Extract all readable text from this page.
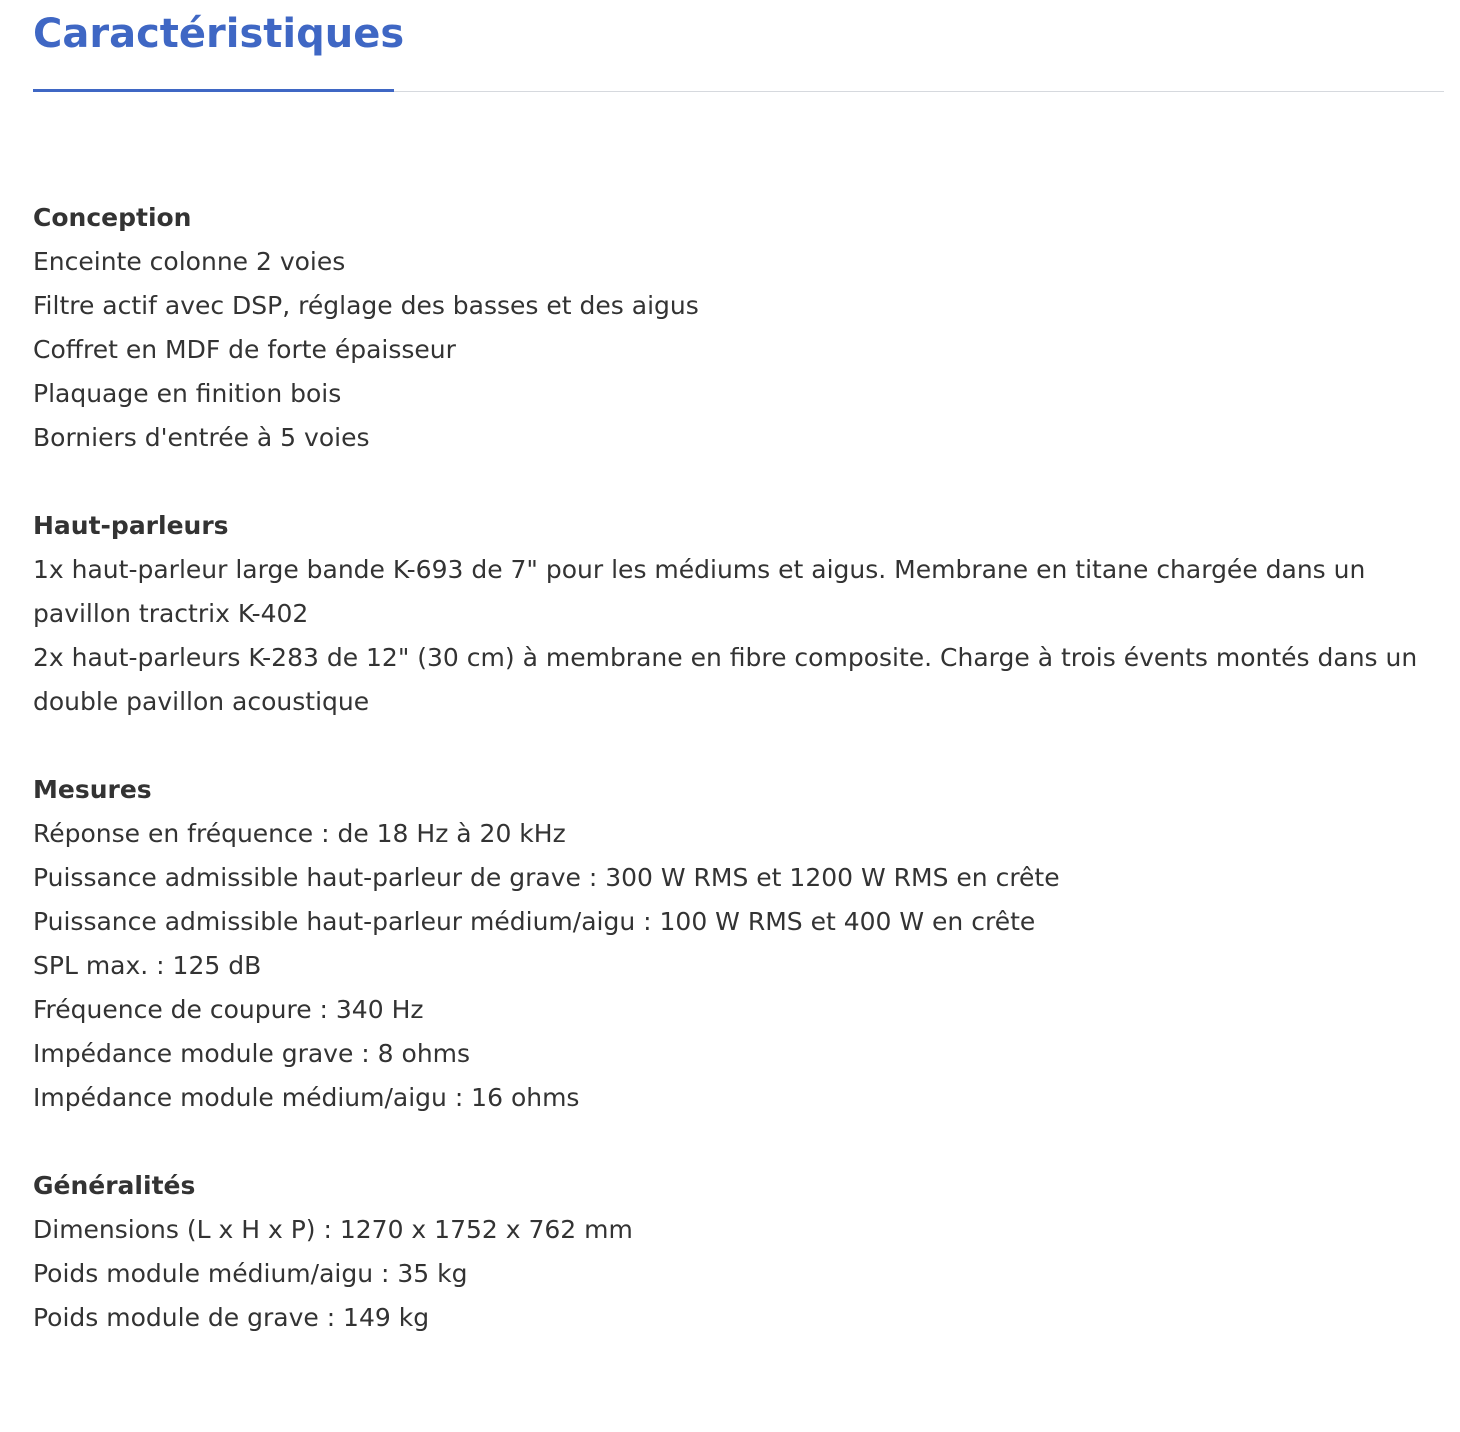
Caractéristiques

Conception

Enceinte colonne 2 voies

Filtre actif avec DSP, réglage des basses et des aigus

Coffret en MDF de forte épaisseur

Plaquage en finition bois

Borniers d'entrée à 5 voies

Haut-parleurs

1x haut-parleur large bande K-693 de 7" pour les médiums et aigus. Membrane en titane chargée dans un pavillon tractrix K-402

2x haut-parleurs K-283 de 12" (30 cm) à membrane en fibre composite. Charge à trois évents montés dans un double pavillon acoustique

Mesures

Réponse en fréquence : de 18 Hz à 20 kHz

Puissance admissible haut-parleur de grave : 300 W RMS et 1200 W RMS en crête

Puissance admissible haut-parleur médium/aigu : 100 W RMS et 400 W en crête

SPL max. : 125 dB

Fréquence de coupure : 340 Hz

Impédance module grave : 8 ohms

Impédance module médium/aigu : 16 ohms

Généralités

Dimensions (L x H x P) : 1270 x 1752 x 762 mm

Poids module médium/aigu : 35 kg

Poids module de grave : 149 kg
